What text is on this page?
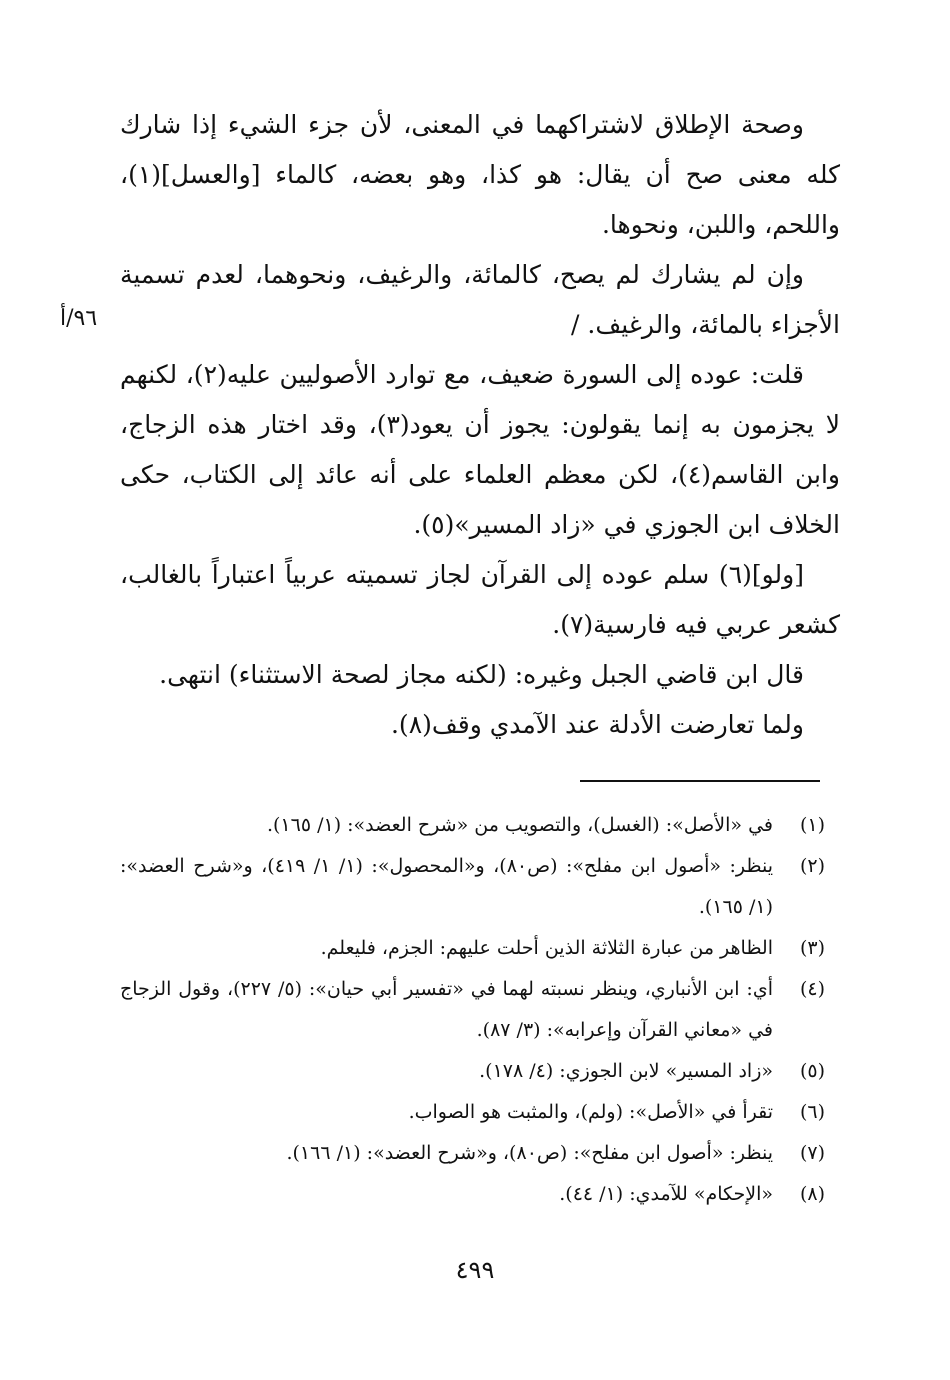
٩٦/أ

وصحة الإطلاق لاشتراكهما في المعنى، لأن جزء الشيء إذا شارك كله معنى صح أن يقال: هو كذا، وهو بعضه، كالماء [والعسل](١)، واللحم، واللبن، ونحوها.

وإن لم يشارك لم يصح، كالمائة، والرغيف، ونحوهما، لعدم تسمية الأجزاء بالمائة، والرغيف. /

قلت: عوده إلى السورة ضعيف، مع توارد الأصوليين عليه(٢)، لكنهم لا يجزمون به إنما يقولون: يجوز أن يعود(٣)، وقد اختار هذه الزجاج، وابن القاسم(٤)، لكن معظم العلماء على أنه عائد إلى الكتاب، حكى الخلاف ابن الجوزي في «زاد المسير»(٥).

[ولو](٦) سلم عوده إلى القرآن لجاز تسميته عربياً اعتباراً بالغالب، كشعر عربي فيه فارسية(٧).

قال ابن قاضي الجبل وغيره: (لكنه مجاز لصحة الاستثناء) انتهى.

ولما تعارضت الأدلة عند الآمدي وقف(٨).

(١)
في «الأصل»: (الغسل)، والتصويب من «شرح العضد»: (١/ ١٦٥).
(٢)
ينظر: «أصول ابن مفلح»: (ص٨٠)، و«المحصول»: (١/ ١/ ٤١٩)، و«شرح العضد»: (١/ ١٦٥).
(٣)
الظاهر من عبارة الثلاثة الذين أحلت عليهم: الجزم، فليعلم.
(٤)
أي: ابن الأنباري، وينظر نسبته لهما في «تفسير أبي حيان»: (٥/ ٢٢٧)، وقول الزجاج في «معاني القرآن وإعرابه»: (٣/ ٨٧).
(٥)
«زاد المسير» لابن الجوزي: (٤/ ١٧٨).
(٦)
تقرأ في «الأصل»: (ولم)، والمثبت هو الصواب.
(٧)
ينظر: «أصول ابن مفلح»: (ص٨٠)، و«شرح العضد»: (١/ ١٦٦).
(٨)
«الإحكام» للآمدي: (١/ ٤٤).
٤٩٩
